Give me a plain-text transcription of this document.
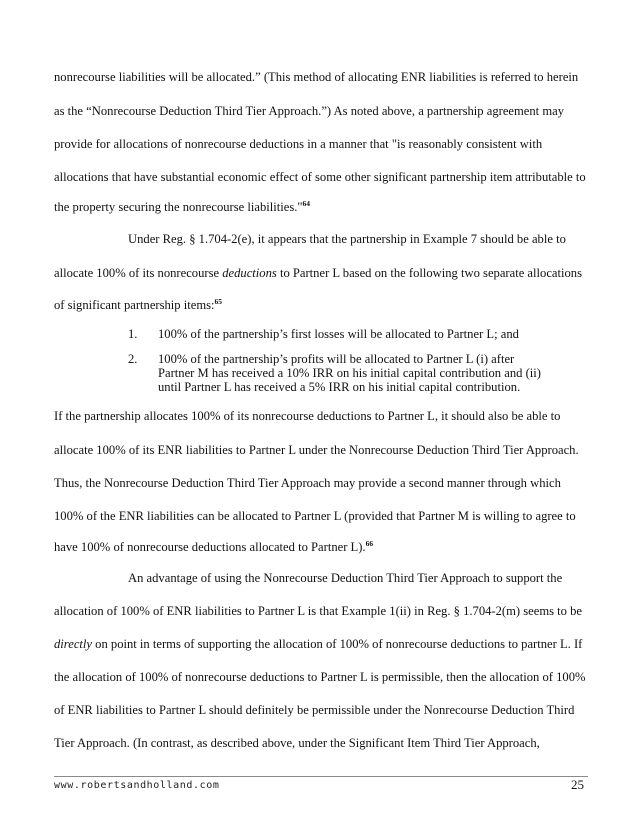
nonrecourse liabilities will be allocated.” (This method of allocating ENR liabilities is referred to herein
as the “Nonrecourse Deduction Third Tier Approach.”) As noted above, a partnership agreement may
provide for allocations of nonrecourse deductions in a manner that "is reasonably consistent with
allocations that have substantial economic effect of some other significant partnership item attributable to
the property securing the nonrecourse liabilities."$^{64}$
Under Reg. § 1.704-2(e), it appears that the partnership in Example 7 should be able to
allocate 100% of its nonrecourse deductions to Partner L based on the following two separate allocations
of significant partnership items:$^{65}$
1. 100% of the partnership’s first losses will be allocated to Partner L; and
2. 100% of the partnership’s profits will be allocated to Partner L (i) after
Partner M has received a 10% IRR on his initial capital contribution and (ii)
until Partner L has received a 5% IRR on his initial capital contribution.
If the partnership allocates 100% of its nonrecourse deductions to Partner L, it should also be able to
allocate 100% of its ENR liabilities to Partner L under the Nonrecourse Deduction Third Tier Approach.
Thus, the Nonrecourse Deduction Third Tier Approach may provide a second manner through which
100% of the ENR liabilities can be allocated to Partner L (provided that Partner M is willing to agree to
have 100% of nonrecourse deductions allocated to Partner L).$^{66}$
An advantage of using the Nonrecourse Deduction Third Tier Approach to support the
allocation of 100% of ENR liabilities to Partner L is that Example 1(ii) in Reg. § 1.704-2(m) seems to be
directly on point in terms of supporting the allocation of 100% of nonrecourse deductions to partner L. If
the allocation of 100% of nonrecourse deductions to Partner L is permissible, then the allocation of 100%
of ENR liabilities to Partner L should definitely be permissible under the Nonrecourse Deduction Third
Tier Approach. (In contrast, as described above, under the Significant Item Third Tier Approach,
www.robertsandholland.com	25
